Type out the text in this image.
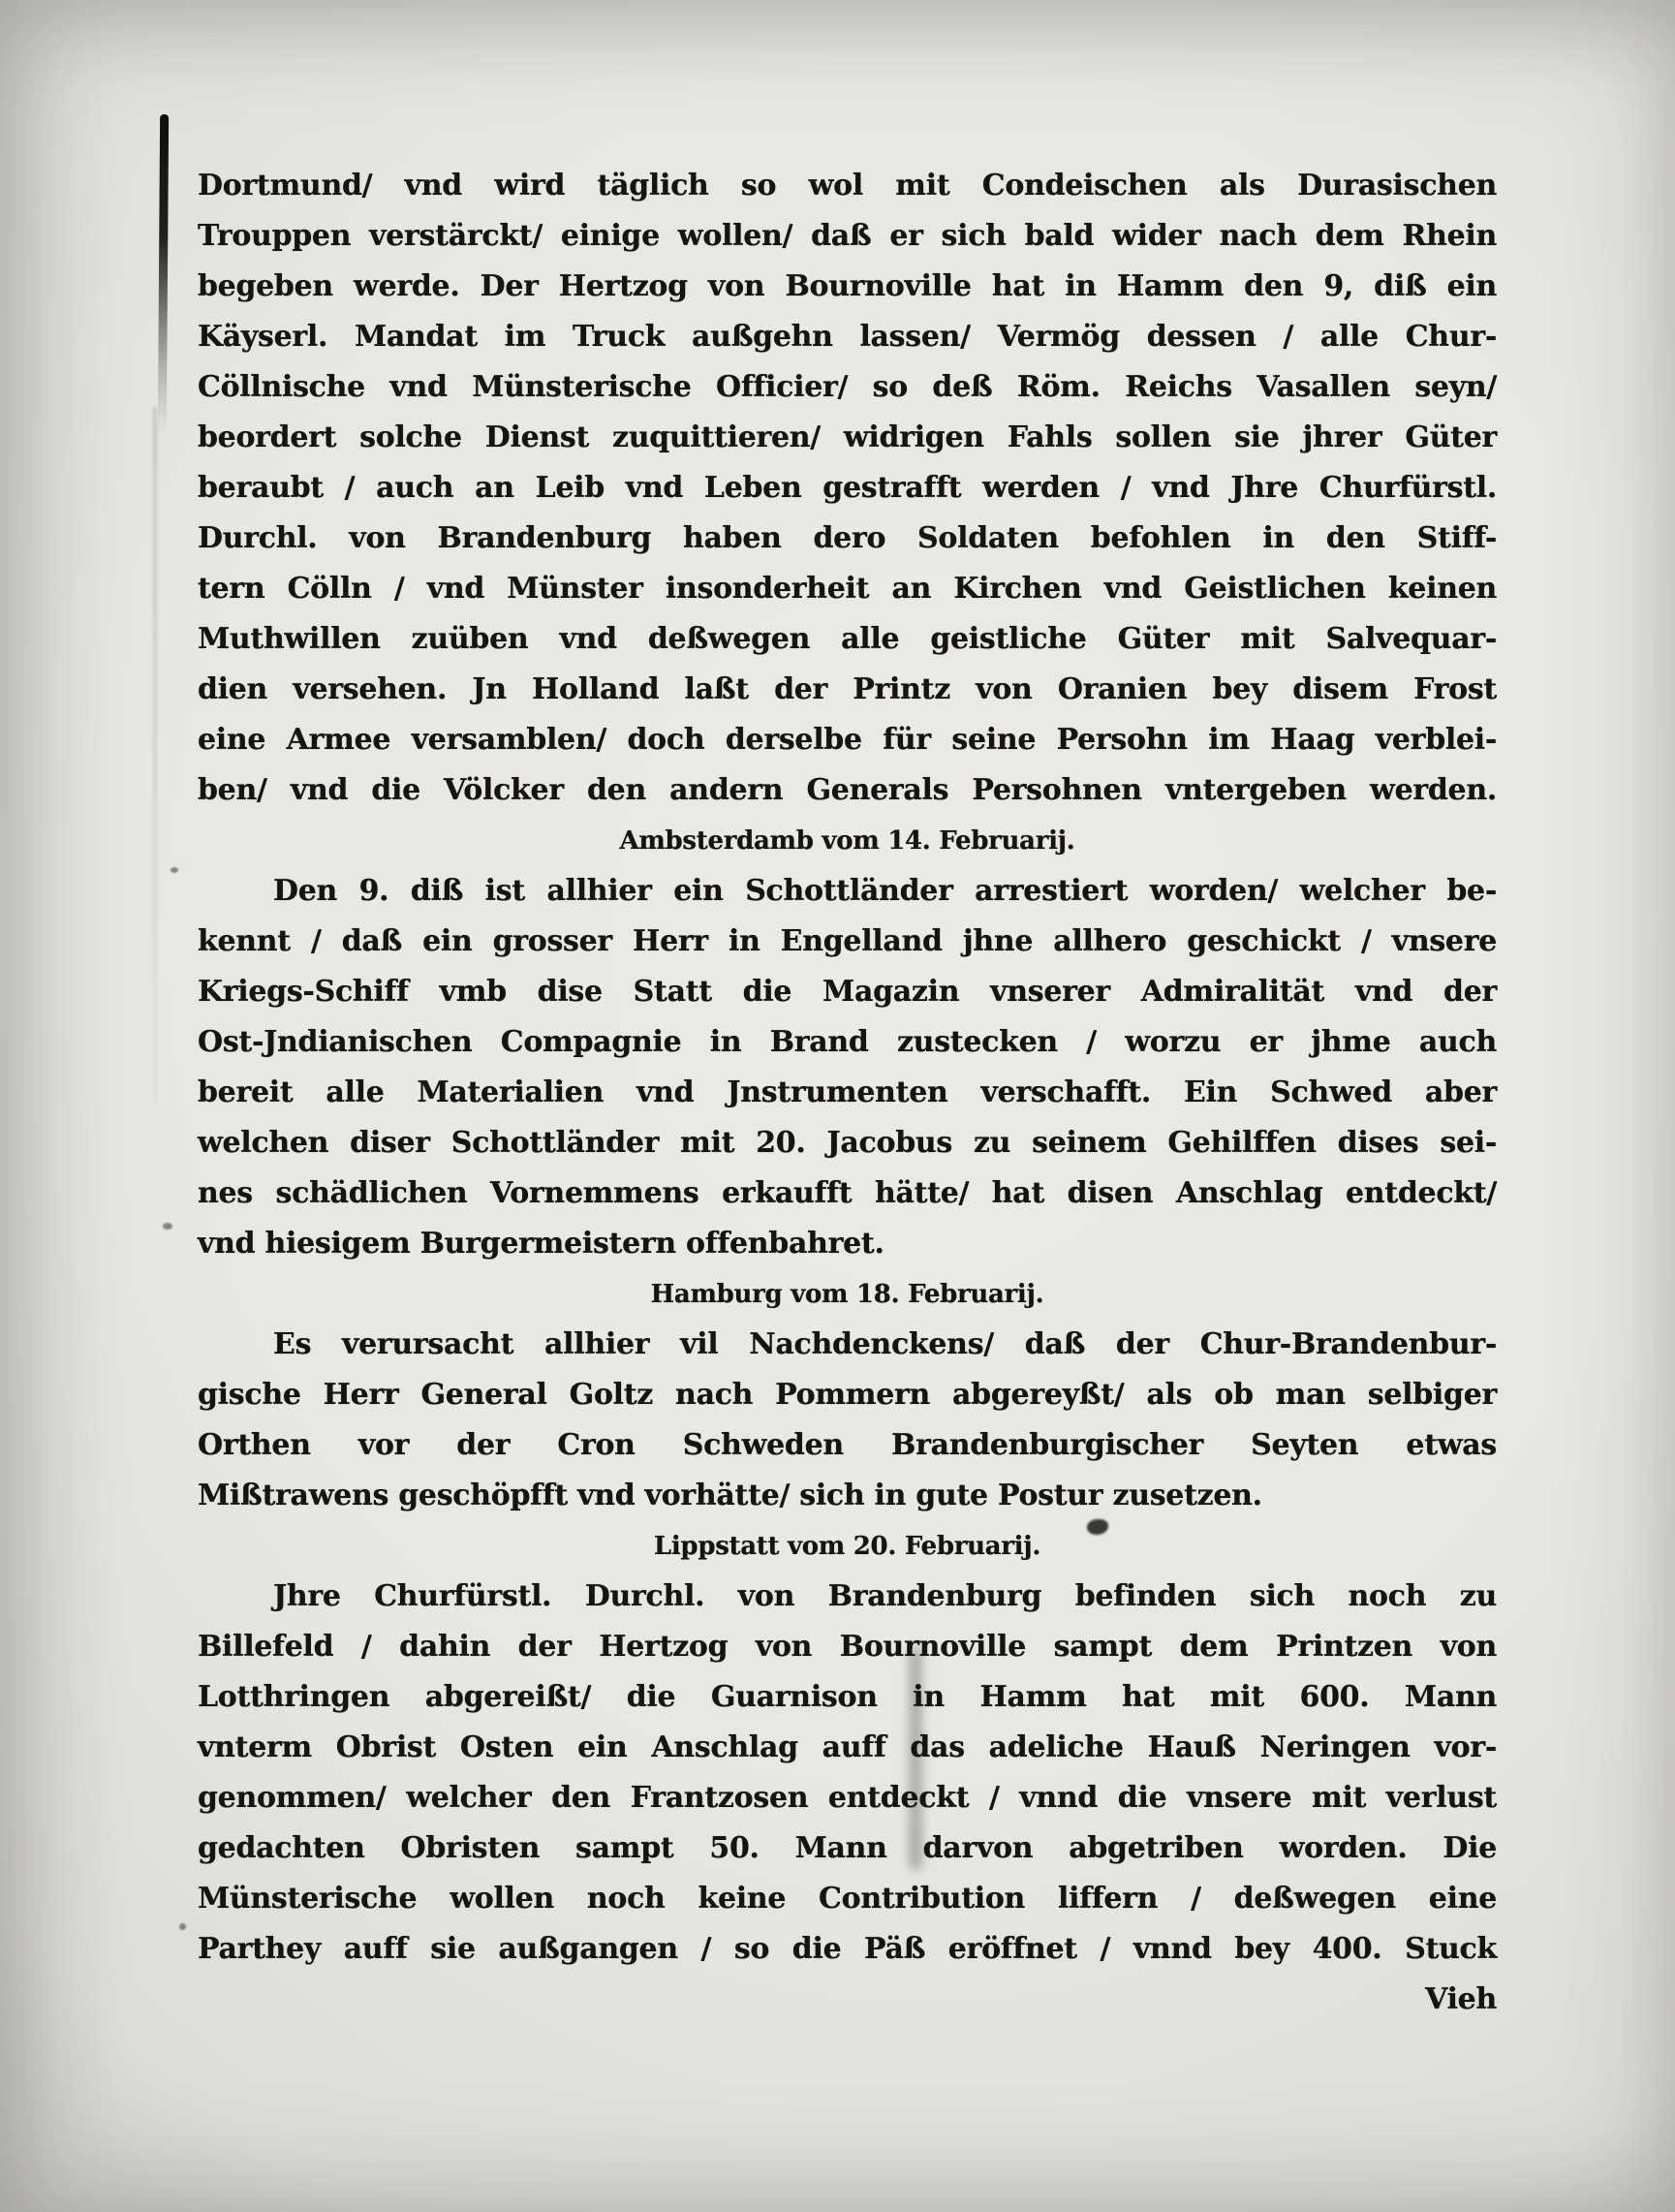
Dortmund/ vnd wird täglich so wol mit Condeischen als Durasischen
Trouppen verstärckt/ einige wollen/ daß er sich bald wider nach dem Rhein
begeben werde. Der Hertzog von Bournoville hat in Hamm den 9, diß ein
Käyserl. Mandat im Truck außgehn lassen/ Vermög dessen / alle Chur-
Cöllnische vnd Münsterische Officier/ so deß Röm. Reichs Vasallen seyn/
beordert solche Dienst zuquittieren/ widrigen Fahls sollen sie jhrer Güter
beraubt / auch an Leib vnd Leben gestrafft werden / vnd Jhre Churfürstl.
Durchl. von Brandenburg haben dero Soldaten befohlen in den Stiff-
tern Cölln / vnd Münster insonderheit an Kirchen vnd Geistlichen keinen
Muthwillen zuüben vnd deßwegen alle geistliche Güter mit Salvequar-
dien versehen. Jn Holland laßt der Printz von Oranien bey disem Frost
eine Armee versamblen/ doch derselbe für seine Persohn im Haag verblei-
ben/ vnd die Völcker den andern Generals Persohnen vntergeben werden.
Ambsterdamb vom 14. Februarij.
Den 9. diß ist allhier ein Schottländer arrestiert worden/ welcher be-
kennt / daß ein grosser Herr in Engelland jhne allhero geschickt / vnsere
Kriegs-Schiff vmb dise Statt die Magazin vnserer Admiralität vnd der
Ost-Jndianischen Compagnie in Brand zustecken / worzu er jhme auch
bereit alle Materialien vnd Jnstrumenten verschafft. Ein Schwed aber
welchen diser Schottländer mit 20. Jacobus zu seinem Gehilffen dises sei-
nes schädlichen Vornemmens erkaufft hätte/ hat disen Anschlag entdeckt/
vnd hiesigem Burgermeistern offenbahret.
Hamburg vom 18. Februarij.
Es verursacht allhier vil Nachdenckens/ daß der Chur-Brandenbur-
gische Herr General Goltz nach Pommern abgereyßt/ als ob man selbiger
Orthen vor der Cron Schweden Brandenburgischer Seyten etwas
Mißtrawens geschöpfft vnd vorhätte/ sich in gute Postur zusetzen.
Lippstatt vom 20. Februarij.
Jhre Churfürstl. Durchl. von Brandenburg befinden sich noch zu
Billefeld / dahin der Hertzog von Bournoville sampt dem Printzen von
Lotthringen abgereißt/ die Guarnison in Hamm hat mit 600. Mann
vnterm Obrist Osten ein Anschlag auff das adeliche Hauß Neringen vor-
genommen/ welcher den Frantzosen entdeckt / vnnd die vnsere mit verlust
gedachten Obristen sampt 50. Mann darvon abgetriben worden. Die
Münsterische wollen noch keine Contribution liffern / deßwegen eine
Parthey auff sie außgangen / so die Päß eröffnet / vnnd bey 400. Stuck
Vieh
